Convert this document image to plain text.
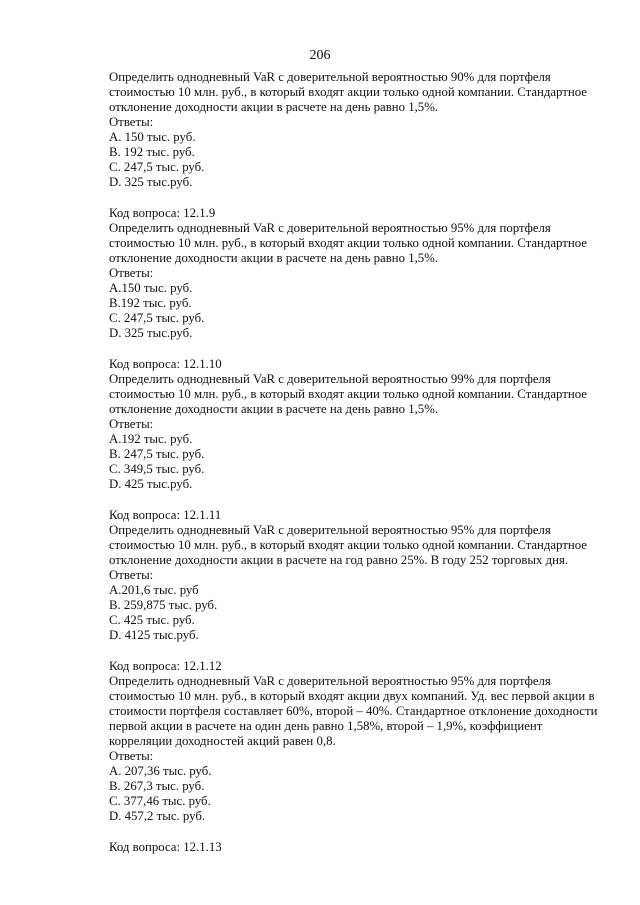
206
Определить однодневный VaR с доверительной вероятностью 90% для портфеля
стоимостью 10 млн. руб., в который входят акции только одной компании. Стандартное
отклонение доходности акции в расчете на день равно 1,5%.
Ответы:
A. 150 тыс. руб.
B. 192 тыс. руб.
C. 247,5 тыс. руб.
D. 325 тыс.руб.
Код вопроса: 12.1.9
Определить однодневный VaR с доверительной вероятностью 95% для портфеля
стоимостью 10 млн. руб., в который входят акции только одной компании. Стандартное
отклонение доходности акции в расчете на день равно 1,5%.
Ответы:
A.150 тыс. руб.
B.192 тыс. руб.
C. 247,5 тыс. руб.
D. 325 тыс.руб.
Код вопроса: 12.1.10
Определить однодневный VaR с доверительной вероятностью 99% для портфеля
стоимостью 10 млн. руб., в который входят акции только одной компании. Стандартное
отклонение доходности акции в расчете на день равно 1,5%.
Ответы:
A.192 тыс. руб.
B. 247,5 тыс. руб.
C. 349,5 тыс. руб.
D. 425 тыс.руб.
Код вопроса: 12.1.11
Определить однодневный VaR с доверительной вероятностью 95% для портфеля
стоимостью 10 млн. руб., в который входят акции только одной компании. Стандартное
отклонение доходности акции в расчете на год равно 25%. В году 252 торговых дня.
Ответы:
A.201,6 тыс. руб
B. 259,875 тыс. руб.
C. 425 тыс. руб.
D. 4125 тыс.руб.
Код вопроса: 12.1.12
Определить однодневный VaR с доверительной вероятностью 95% для портфеля
стоимостью 10 млн. руб., в который входят акции двух компаний. Уд. вес первой акции в
стоимости портфеля составляет 60%, второй – 40%. Стандартное отклонение доходности
первой акции в расчете на один день равно 1,58%, второй – 1,9%, коэффициент
корреляции доходностей акций равен 0,8.
Ответы:
A. 207,36 тыс. руб.
B. 267,3 тыс. руб.
C. 377,46 тыс. руб.
D. 457,2 тыс. руб.
Код вопроса: 12.1.13
